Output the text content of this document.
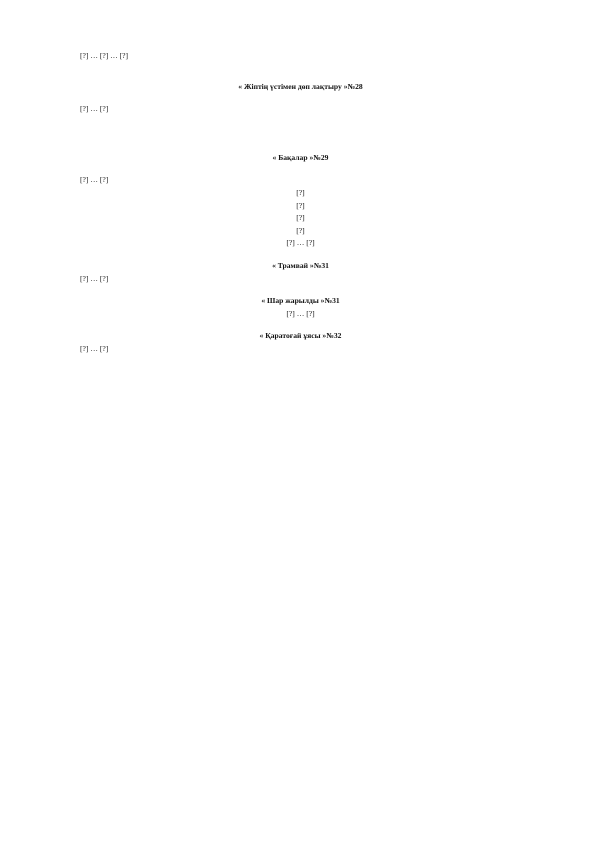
[?] … [?] … [?]

« Жіптің үстімен дөп лақтыру »№28

[?] … [?]

« Бақалар »№29

[?] … [?]

[?]

[?]

[?]

[?]

[?] … [?]

« Трамвай »№31

[?] … [?]

« Шар жарылды »№31

[?] … [?]

« Қаратоғай ұясы »№32

[?] … [?]
